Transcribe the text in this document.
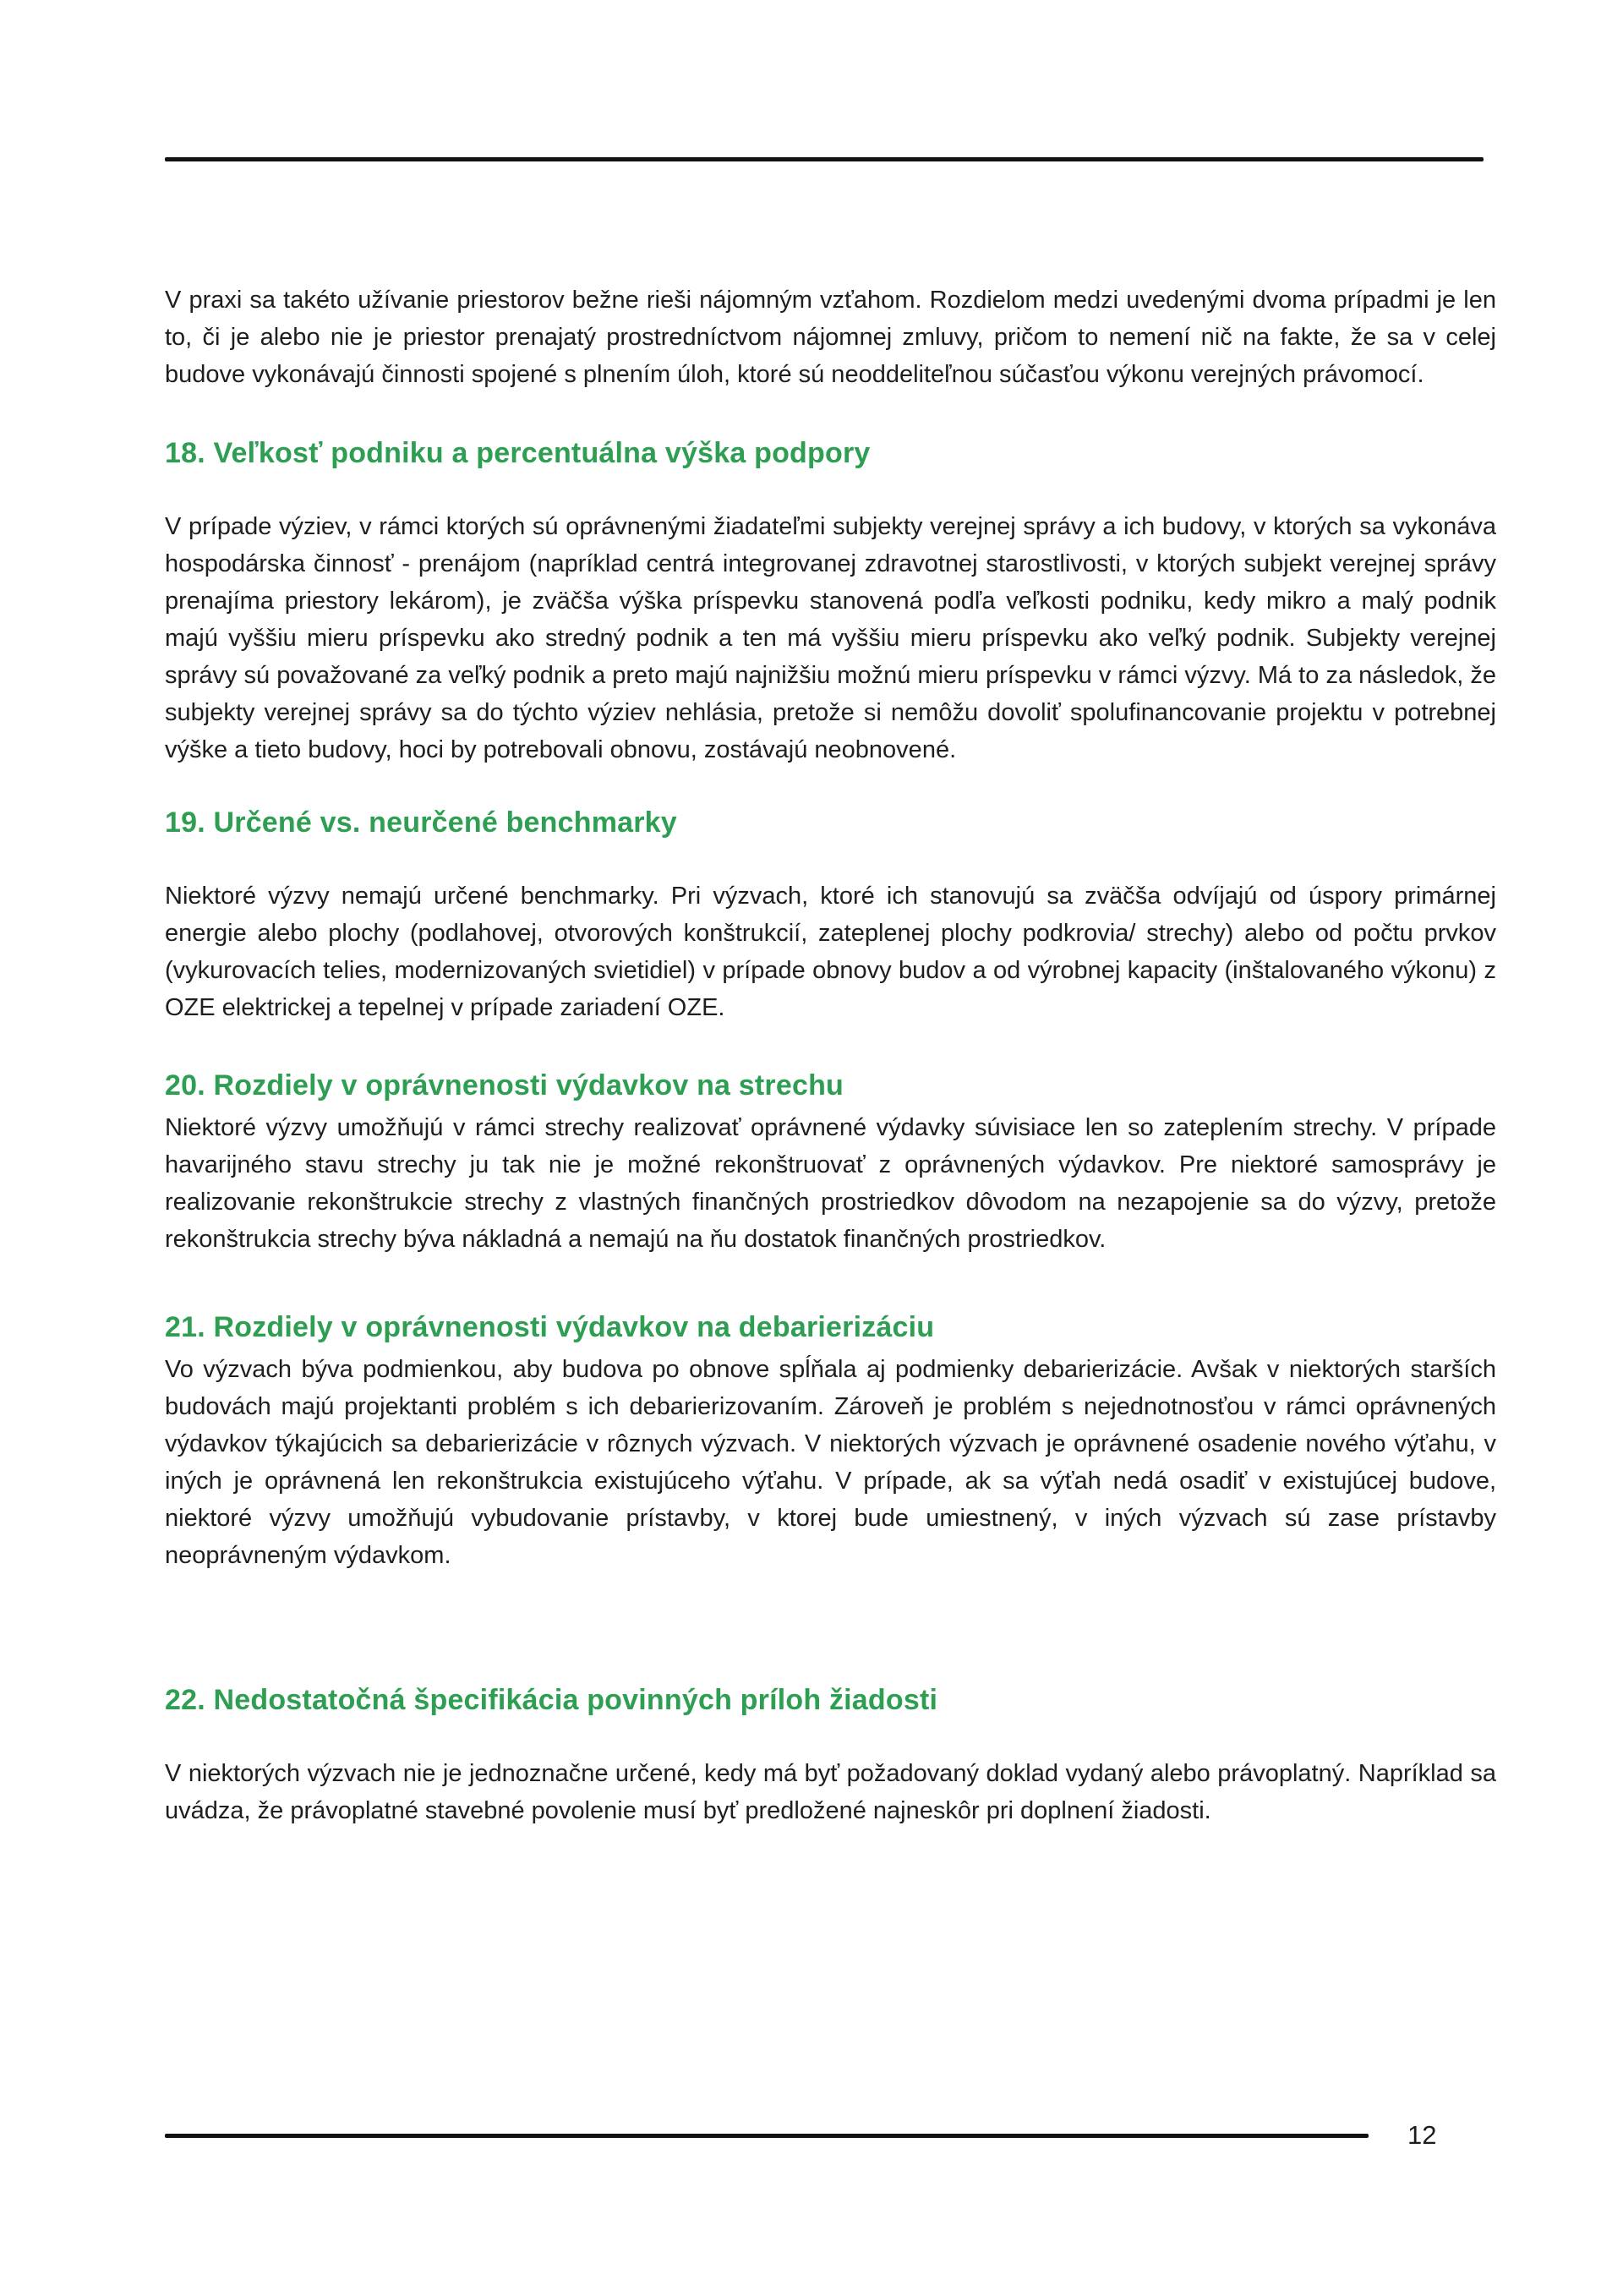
V praxi sa takéto užívanie priestorov bežne rieši nájomným vzťahom. Rozdielom medzi uvedenými dvoma prípadmi je len to, či je alebo nie je priestor prenajatý prostredníctvom nájomnej zmluvy, pričom to nemení nič na fakte, že sa v celej budove vykonávajú činnosti spojené s plnením úloh, ktoré sú neoddeliteľnou súčasťou výkonu verejných právomocí.

18. Veľkosť podniku a percentuálna výška podpory

V prípade výziev, v rámci ktorých sú oprávnenými žiadateľmi subjekty verejnej správy a ich budovy, v ktorých sa vykonáva hospodárska činnosť - prenájom (napríklad centrá integrovanej zdravotnej starostlivosti, v ktorých subjekt verejnej správy prenajíma priestory lekárom), je zväčša výška príspevku stanovená podľa veľkosti podniku, kedy mikro a malý podnik majú vyššiu mieru príspevku ako stredný podnik a ten má vyššiu mieru príspevku ako veľký podnik. Subjekty verejnej správy sú považované za veľký podnik a preto majú najnižšiu možnú mieru príspevku v rámci výzvy. Má to za následok, že subjekty verejnej správy sa do týchto výziev nehlásia, pretože si nemôžu dovoliť spolufinancovanie projektu v potrebnej výške a tieto budovy, hoci by potrebovali obnovu, zostávajú neobnovené.

19. Určené vs. neurčené benchmarky

Niektoré výzvy nemajú určené benchmarky. Pri výzvach, ktoré ich stanovujú sa zväčša odvíjajú od úspory primárnej energie alebo plochy (podlahovej, otvorových konštrukcií, zateplenej plochy podkrovia/ strechy) alebo od počtu prvkov (vykurovacích telies, modernizovaných svietidiel) v prípade obnovy budov a od výrobnej kapacity (inštalovaného výkonu) z OZE elektrickej a tepelnej v prípade zariadení OZE.

20. Rozdiely v oprávnenosti výdavkov na strechu

Niektoré výzvy umožňujú v rámci strechy realizovať oprávnené výdavky súvisiace len so zateplením strechy. V prípade havarijného stavu strechy ju tak nie je možné rekonštruovať z oprávnených výdavkov. Pre niektoré samosprávy je realizovanie rekonštrukcie strechy z vlastných finančných prostriedkov dôvodom na nezapojenie sa do výzvy, pretože rekonštrukcia strechy býva nákladná a nemajú na ňu dostatok finančných prostriedkov.

21. Rozdiely v oprávnenosti výdavkov na debarierizáciu

Vo výzvach býva podmienkou, aby budova po obnove spĺňala aj podmienky debarierizácie. Avšak v niektorých starších budovách majú projektanti problém s ich debarierizovaním. Zároveň je problém s nejednotnosťou v rámci oprávnených výdavkov týkajúcich sa debarierizácie v rôznych výzvach. V niektorých výzvach je oprávnené osadenie nového výťahu, v iných je oprávnená len rekonštrukcia existujúceho výťahu. V prípade, ak sa výťah nedá osadiť v existujúcej budove, niektoré výzvy umožňujú vybudovanie prístavby, v ktorej bude umiestnený, v iných výzvach sú zase prístavby neoprávneným výdavkom.

22. Nedostatočná špecifikácia povinných príloh žiadosti

V niektorých výzvach nie je jednoznačne určené, kedy má byť požadovaný doklad vydaný alebo právoplatný. Napríklad sa uvádza, že právoplatné stavebné povolenie musí byť predložené najneskôr pri doplnení žiadosti.

12
